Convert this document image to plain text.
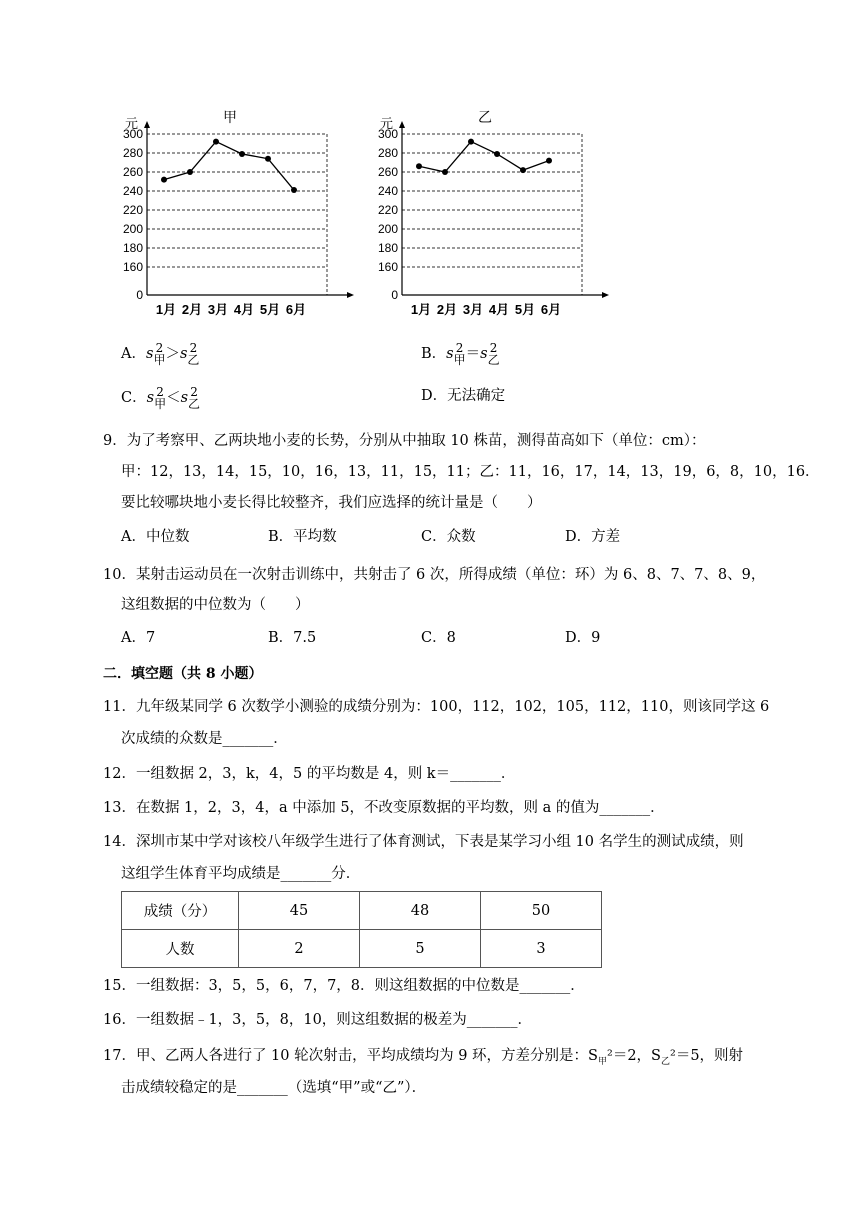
甲
元
0
160
180
200
220
240
260
280
300
1月 2月 3月 4月 5月 6月
乙
元
0
160
180
200
220
240
260
280
300
1月 2月 3月 4月 5月 6月
A．s 2
甲＞s 2
乙	B．s 2
甲＝s 2
乙
C．s 2
甲＜s 2
乙	D．无法确定
9．为了考察甲、乙两块地小麦的长势，分别从中抽取 10 株苗，测得苗高如下（单位：cm）：
甲：12，13，14，15，10，16，13，11，15，11；乙：11，16，17，14，13，19，6，8，10，16．
要比较哪块地小麦长得比较整齐，我们应选择的统计量是（　　）
A．中位数	B．平均数	C．众数	D．方差
10．某射击运动员在一次射击训练中，共射击了 6 次，所得成绩（单位：环）为 6、8、7、7、8、9，
这组数据的中位数为（　　）
A．7	B．7.5	C．8	D．9
二．填空题（共 8 小题）
11．九年级某同学 6 次数学小测验的成绩分别为：100，112，102，105，112，110，则该同学这 6
次成绩的众数是_______．
12．一组数据 2，3，k，4，5 的平均数是 4，则 k＝_______．
13．在数据 1，2，3，4，a 中添加 5，不改变原数据的平均数，则 a 的值为_______．
14．深圳市某中学对该校八年级学生进行了体育测试，下表是某学习小组 10 名学生的测试成绩，则
这组学生体育平均成绩是_______分．
成绩（分）	45	48	50
人数	2	5	3
15．一组数据：3，5，5，6，7，7，8．则这组数据的中位数是_______．
16．一组数据﹣1，3，5，8，10，则这组数据的极差为_______．
17．甲、乙两人各进行了 10 轮次射击，平均成绩均为 9 环，方差分别是：$S_甲^2=2$，$S_乙^2=5$，则射
击成绩较稳定的是_______（选填“甲”或“乙”）．
